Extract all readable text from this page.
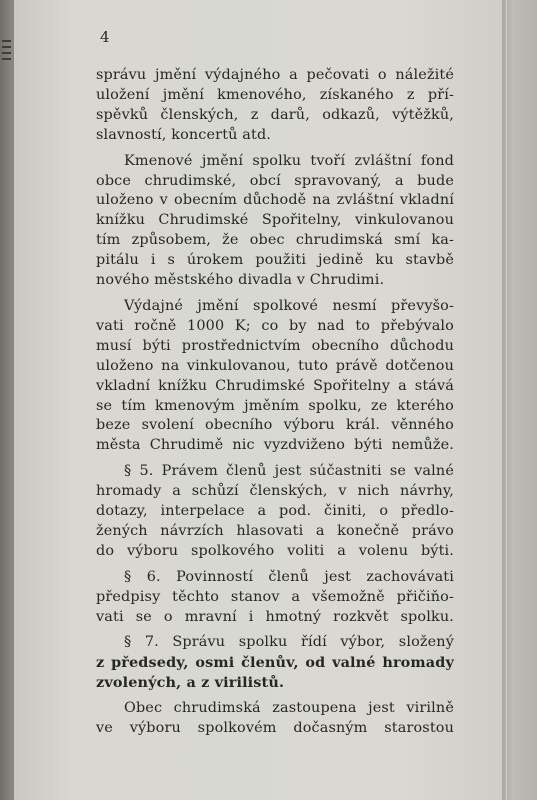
4

správu jmění výdajného a pečovati o náležité
uložení jmění kmenového, získaného z pří-
spěvků členských, z darů, odkazů, výtěžků,
slavností, koncertů atd.

Kmenové jmění spolku tvoří zvláštní fond
obce chrudimské, obcí spravovaný, a bude
uloženo v obecním důchodě na zvláštní vkladní
knížku Chrudimské Spořitelny, vinkulovanou
tím způsobem, že obec chrudimská smí ka-
pitálu i s úrokem použiti jedině ku stavbě
nového městského divadla v Chrudimi.

Výdajné jmění spolkové nesmí převyšo-
vati ročně 1000 K; co by nad to přebývalo
musí býti prostřednictvím obecního důchodu
uloženo na vinkulovanou, tuto právě dotčenou
vkladní knížku Chrudimské Spořitelny a stává
se tím kmenovým jměním spolku, ze kterého
beze svolení obecního výboru král. věnného
města Chrudimě nic vyzdviženo býti nemůže.

§ 5. Právem členů jest súčastniti se valné
hromady a schůzí členských, v nich návrhy,
dotazy, interpelace a pod. činiti, o předlo-
žených návrzích hlasovati a konečně právo
do výboru spolkového voliti a volenu býti.

§ 6. Povinností členů jest zachovávati
předpisy těchto stanov a všemožně přičiňo-
vati se o mravní i hmotný rozkvět spolku.

§ 7. Správu spolku řídí výbor, složený
z předsedy, osmi členův, od valné hromady
zvolených, a z virilistů.

Obec chrudimská zastoupena jest virilně
ve výboru spolkovém dočasným starostou
